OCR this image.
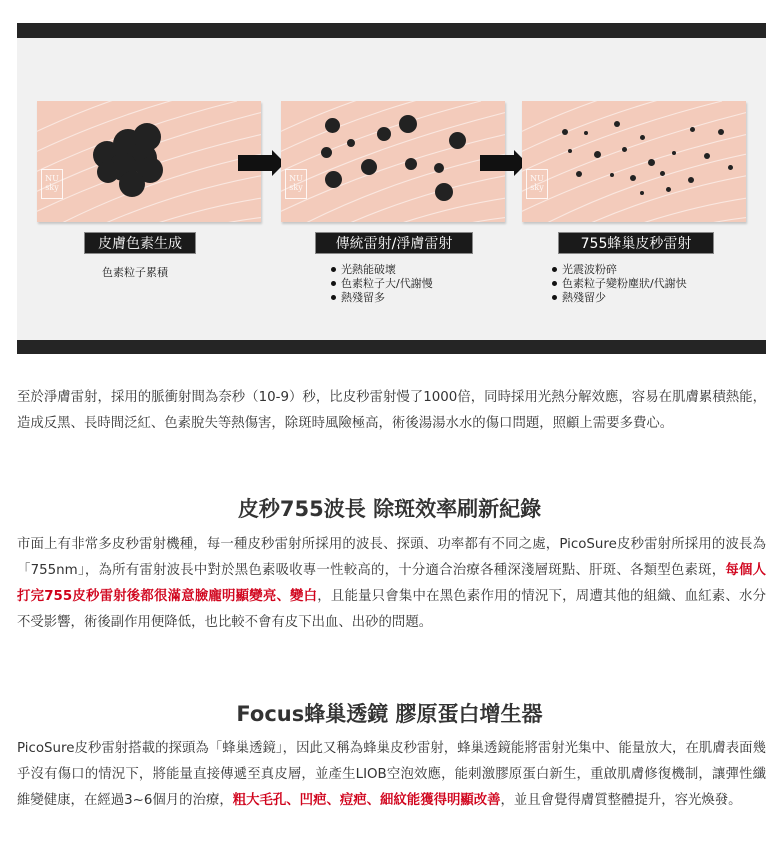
NU
sky
NU
sky
NU
sky
皮膚色素生成	傳統雷射/淨膚雷射	755蜂巢皮秒雷射
色素粒子累積	光熱能破壞
色素粒子大/代謝慢
熱殘留多
光震波粉碎
色素粒子變粉塵狀/代謝快
熱殘留少

至於淨膚雷射，採用的脈衝射間為奈秒（10-9）秒，比皮秒雷射慢了1000倍，同時採用光熱分解效應，容易在肌膚累積熱能，造成反黑、長時間泛紅、色素脫失等熱傷害，除斑時風險極高，術後湯湯水水的傷口問題，照顧上需要多費心。

皮秒755波長 除斑效率刷新紀錄

市面上有非常多皮秒雷射機種，每一種皮秒雷射所採用的波長、探頭、功率都有不同之處，PicoSure皮秒雷射所採用的波長為「755nm」，為所有雷射波長中對於黑色素吸收專一性較高的，十分適合治療各種深淺層斑點、肝斑、各類型色素斑，每個人打完755皮秒雷射後都很滿意臉龐明顯變亮、變白，且能量只會集中在黑色素作用的情況下，周遭其他的組織、血紅素、水分不受影響，術後副作用便降低，也比較不會有皮下出血、出砂的問題。

Focus蜂巢透鏡 膠原蛋白增生器

PicoSure皮秒雷射搭載的探頭為「蜂巢透鏡」，因此又稱為蜂巢皮秒雷射，蜂巢透鏡能將雷射光集中、能量放大，在肌膚表面幾乎沒有傷口的情況下，將能量直接傳遞至真皮層，並產生LIOB空泡效應，能刺激膠原蛋白新生，重啟肌膚修復機制，讓彈性纖維變健康，在經過3~6個月的治療，粗大毛孔、凹疤、痘疤、細紋能獲得明顯改善，並且會覺得膚質整體提升，容光煥發。
